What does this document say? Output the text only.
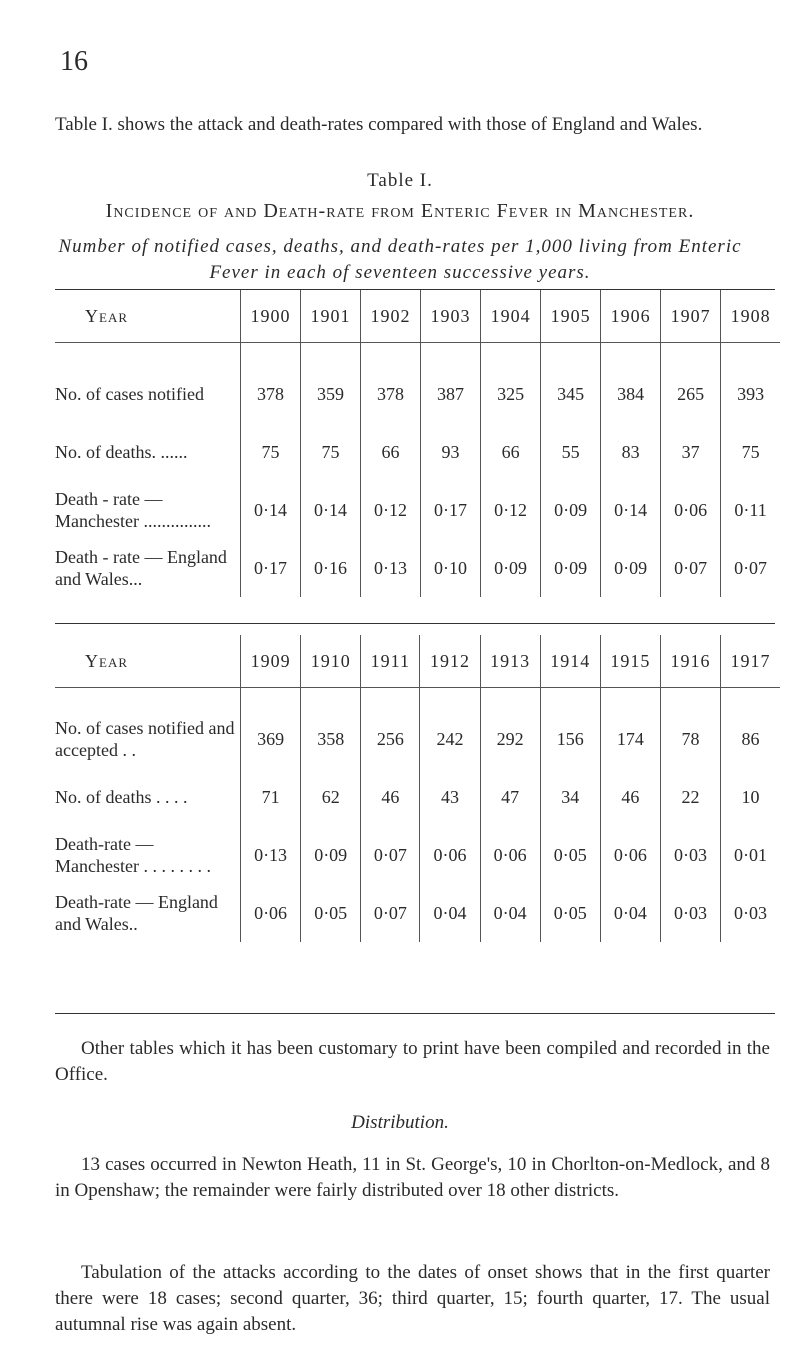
16
Table I. shows the attack and death-rates compared with those of England and Wales.
Table I.
Incidence of and Death-rate from Enteric Fever in Manchester.
Number of notified cases, deaths, and death-rates per 1,000 living from Enteric Fever in each of seventeen successive years.
Year	1900	1901	1902	1903	1904	1905	1906	1907	1908
No. of cases notified	378	359	378	387	325	345	384	265	393
No. of deaths. ......	75	75	66	93	66	55	83	37	75
Death - rate — Manchester ...............	0·14	0·14	0·12	0·17	0·12	0·09	0·14	0·06	0·11
Death - rate — England and Wales...	0·17	0·16	0·13	0·10	0·09	0·09	0·09	0·07	0·07
Year	1909	1910	1911	1912	1913	1914	1915	1916	1917
No. of cases notified and accepted . .	369	358	256	242	292	156	174	78	86
No. of deaths . . . .	71	62	46	43	47	34	46	22	10
Death-rate — Manchester . . . . . . . .	0·13	0·09	0·07	0·06	0·06	0·05	0·06	0·03	0·01
Death-rate — England and Wales..	0·06	0·05	0·07	0·04	0·04	0·05	0·04	0·03	0·03
Other tables which it has been customary to print have been compiled and recorded in the Office.
Distribution.
13 cases occurred in Newton Heath, 11 in St. George's, 10 in Chorlton-on-Medlock, and 8 in Openshaw; the remainder were fairly distributed over 18 other districts.
Tabulation of the attacks according to the dates of onset shows that in the first quarter there were 18 cases; second quarter, 36; third quarter, 15; fourth quarter, 17. The usual autumnal rise was again absent.
